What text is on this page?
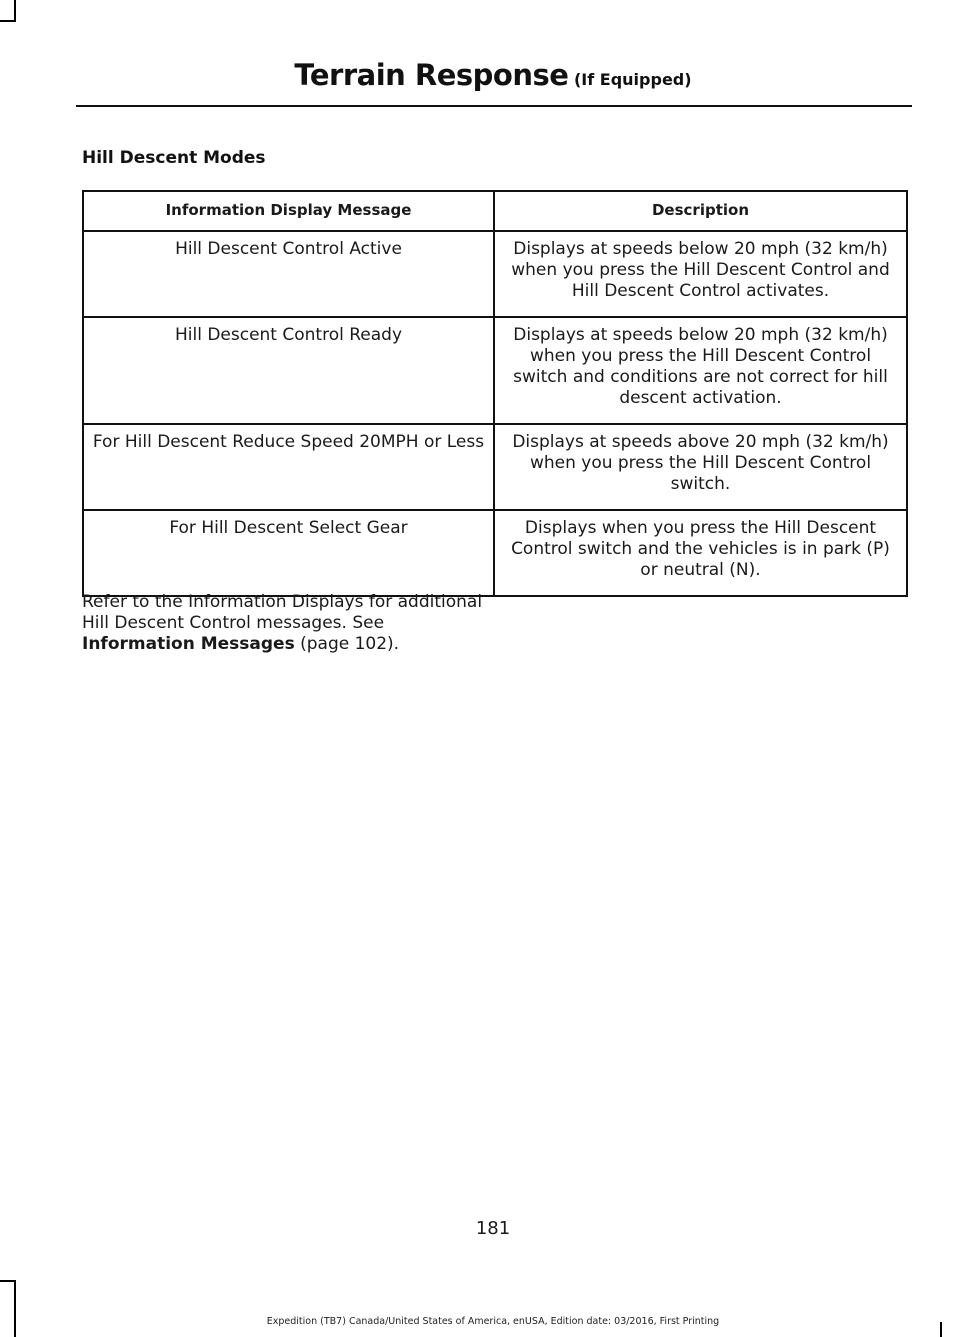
Terrain Response (If Equipped)
Hill Descent Modes
Information Display Message	Description
Hill Descent Control Active	Displays at speeds below 20 mph (32 km/h) when you press the Hill Descent Control and Hill Descent Control activates.
Hill Descent Control Ready	Displays at speeds below 20 mph (32 km/h) when you press the Hill Descent Control switch and conditions are not correct for hill descent activation.
For Hill Descent Reduce Speed 20MPH or Less	Displays at speeds above 20 mph (32 km/h) when you press the Hill Descent Control switch.
For Hill Descent Select Gear	Displays when you press the Hill Descent Control switch and the vehicles is in park (P) or neutral (N).
Refer to the Information Displays for additional Hill Descent Control messages. See Information Messages (page 102).
181
Expedition (TB7) Canada/United States of America, enUSA, Edition date: 03/2016, First Printing
